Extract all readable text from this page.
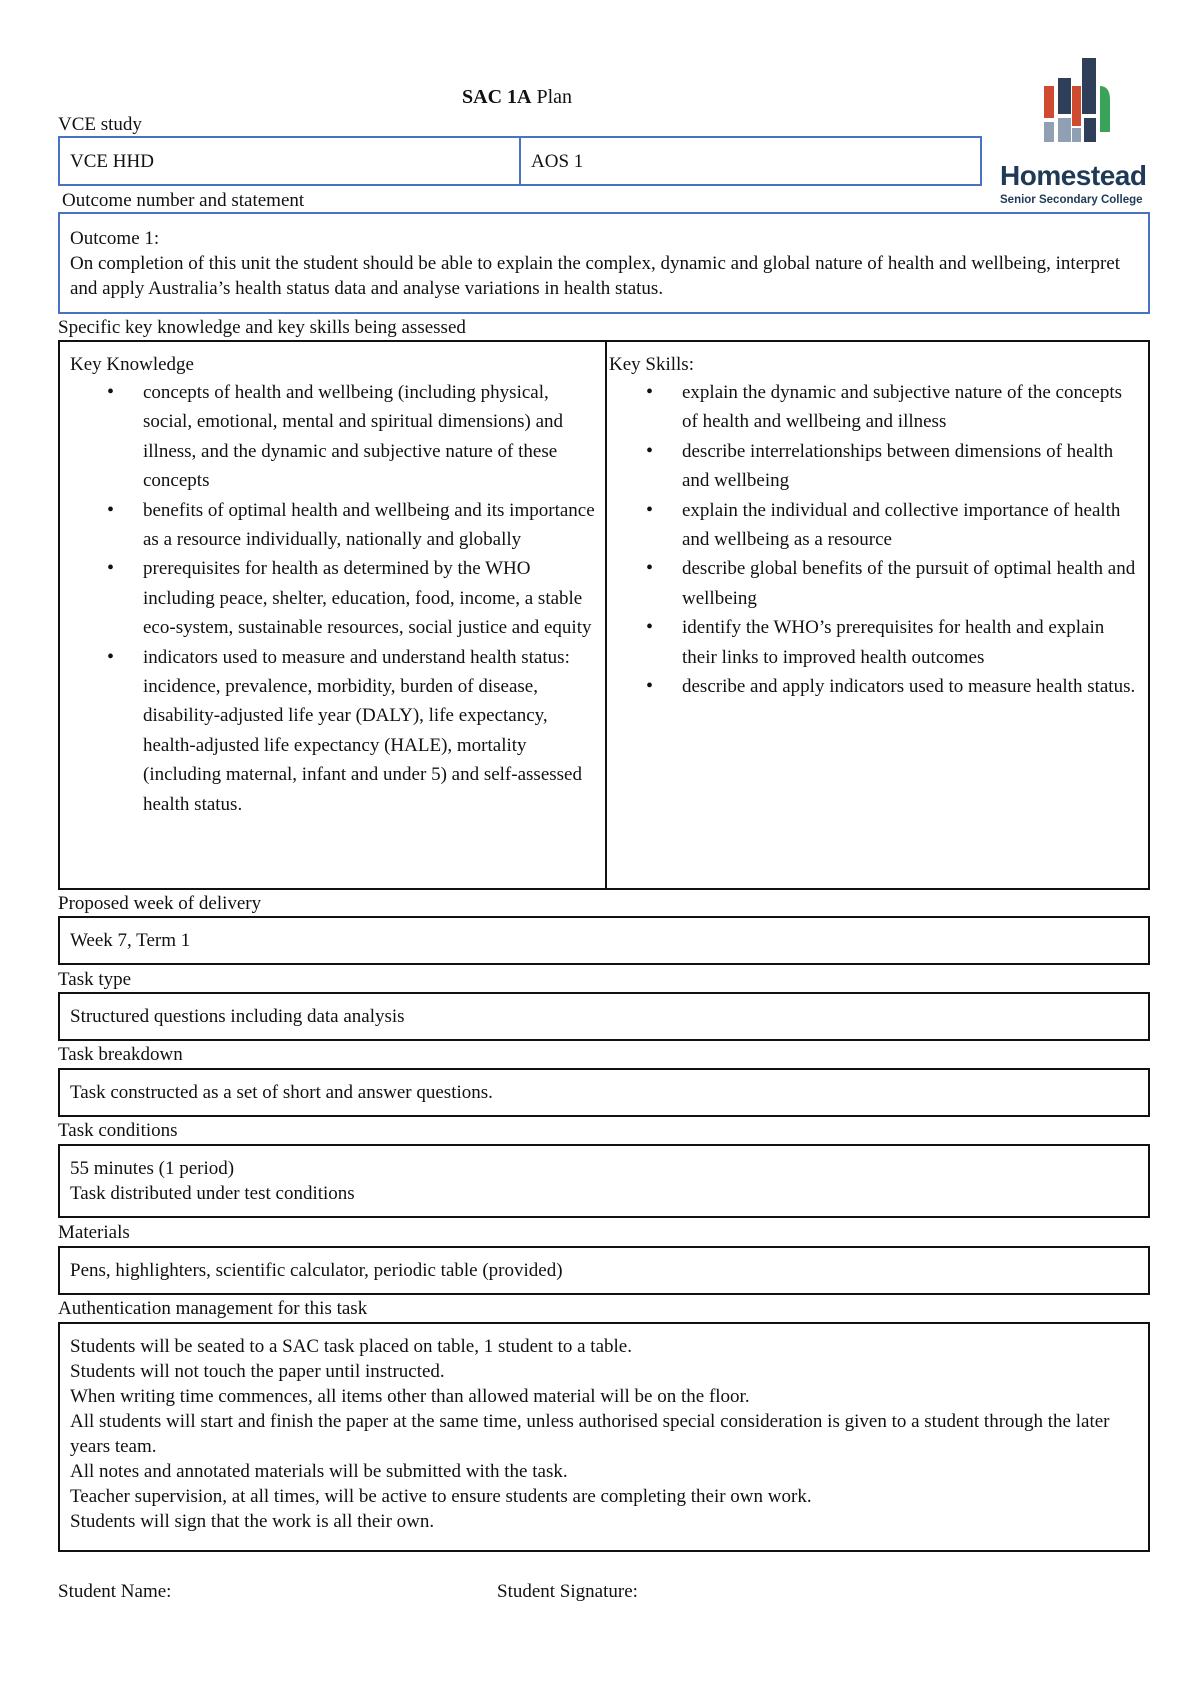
SAC 1A Plan
Homestead
Senior Secondary College
VCE study
VCE HHD	AOS 1
Outcome number and statement
Outcome 1:
On completion of this unit the student should be able to explain the complex, dynamic and global nature of health and wellbeing, interpret and apply Australia’s health status data and analyse variations in health status.
Specific key knowledge and key skills being assessed
Key Knowledge
• concepts of health and wellbeing (including physical, social, emotional, mental and spiritual dimensions) and illness, and the dynamic and subjective nature of these concepts
• benefits of optimal health and wellbeing and its importance as a resource individually, nationally and globally
• prerequisites for health as determined by the WHO including peace, shelter, education, food, income, a stable eco-system, sustainable resources, social justice and equity
• indicators used to measure and understand health status: incidence, prevalence, morbidity, burden of disease, disability-adjusted life year (DALY), life expectancy, health-adjusted life expectancy (HALE), mortality (including maternal, infant and under 5) and self-assessed health status.
Key Skills:
• explain the dynamic and subjective nature of the concepts of health and wellbeing and illness
• describe interrelationships between dimensions of health and wellbeing
• explain the individual and collective importance of health and wellbeing as a resource
• describe global benefits of the pursuit of optimal health and wellbeing
• identify the WHO’s prerequisites for health and explain their links to improved health outcomes
• describe and apply indicators used to measure health status.
Proposed week of delivery
Week 7, Term 1
Task type
Structured questions including data analysis
Task breakdown
Task constructed as a set of short and answer questions.
Task conditions
55 minutes (1 period)
Task distributed under test conditions
Materials
Pens, highlighters, scientific calculator, periodic table (provided)
Authentication management for this task
Students will be seated to a SAC task placed on table, 1 student to a table.
Students will not touch the paper until instructed.
When writing time commences, all items other than allowed material will be on the floor.
All students will start and finish the paper at the same time, unless authorised special consideration is given to a student through the later years team.
All notes and annotated materials will be submitted with the task.
Teacher supervision, at all times, will be active to ensure students are completing their own work.
Students will sign that the work is all their own.
Student Name:	Student Signature:
